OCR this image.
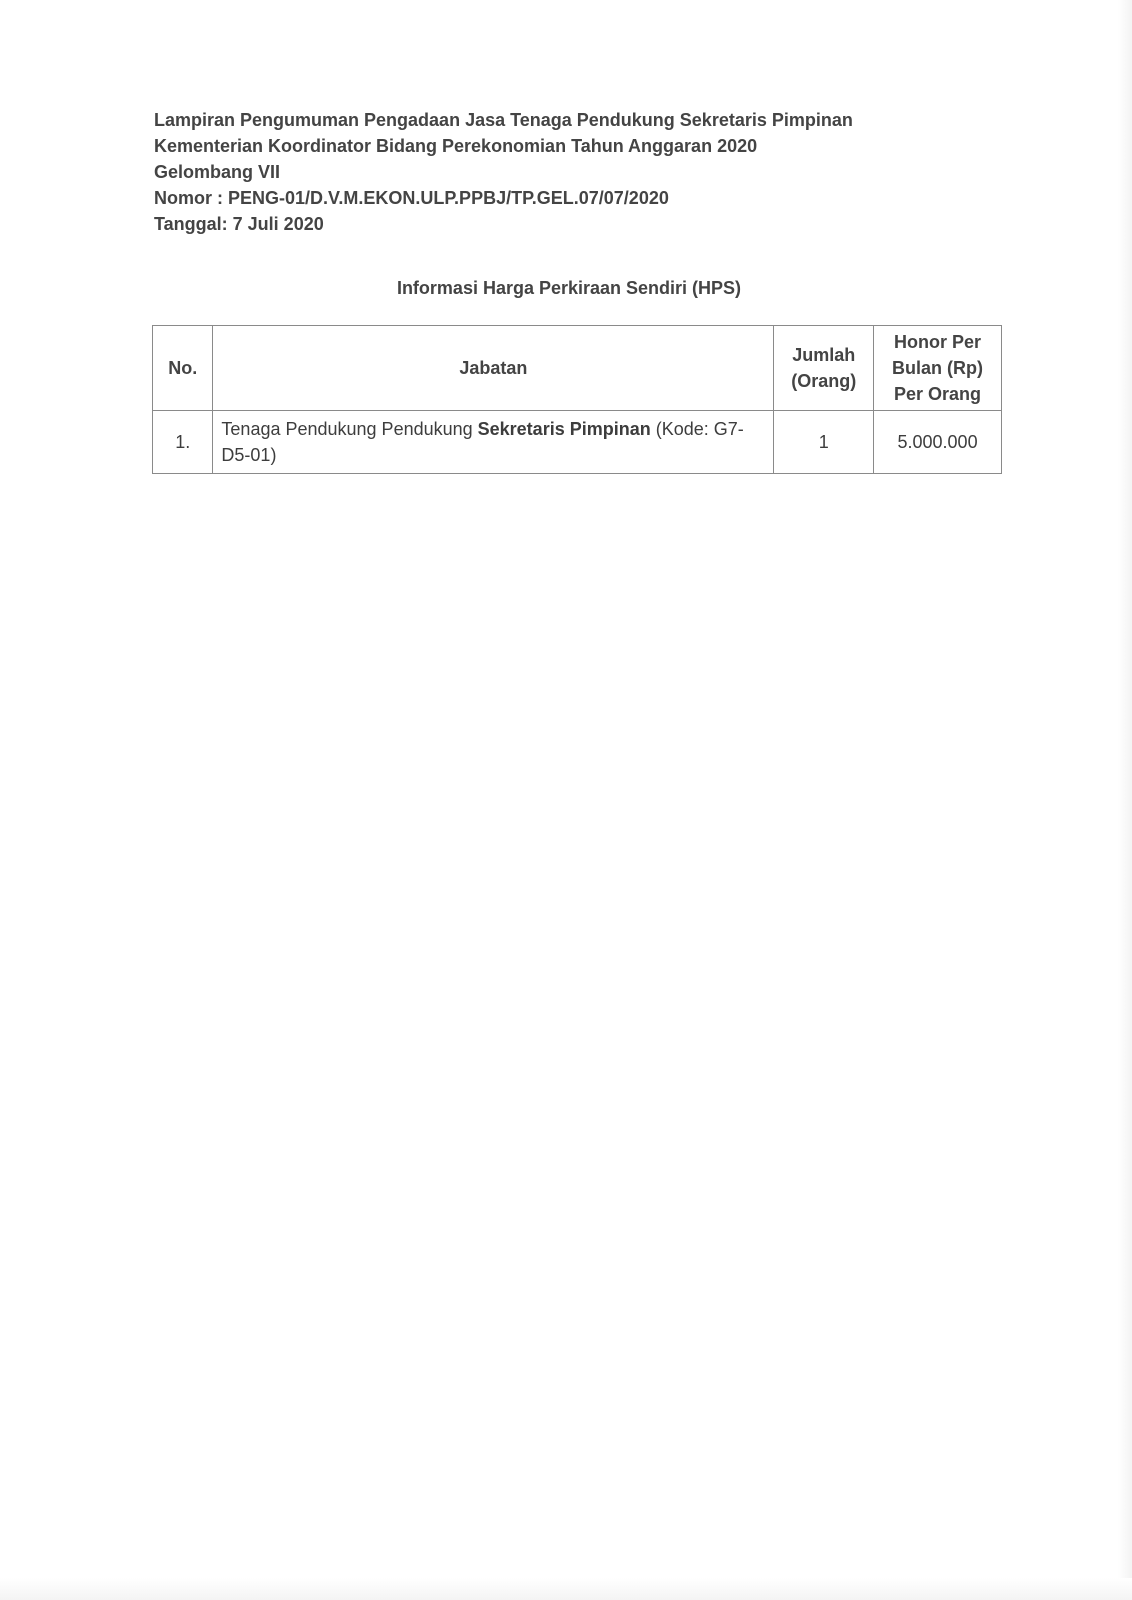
Lampiran Pengumuman Pengadaan Jasa Tenaga Pendukung Sekretaris Pimpinan
Kementerian Koordinator Bidang Perekonomian Tahun Anggaran 2020
Gelombang VII
Nomor : PENG-01/D.V.M.EKON.ULP.PPBJ/TP.GEL.07/07/2020
Tanggal: 7 Juli 2020
Informasi Harga Perkiraan Sendiri (HPS)
No.	Jabatan	Jumlah (Orang)	Honor Per Bulan (Rp) Per Orang
1.	Tenaga Pendukung Pendukung Sekretaris Pimpinan (Kode: G7-D5-01)	1	5.000.000
